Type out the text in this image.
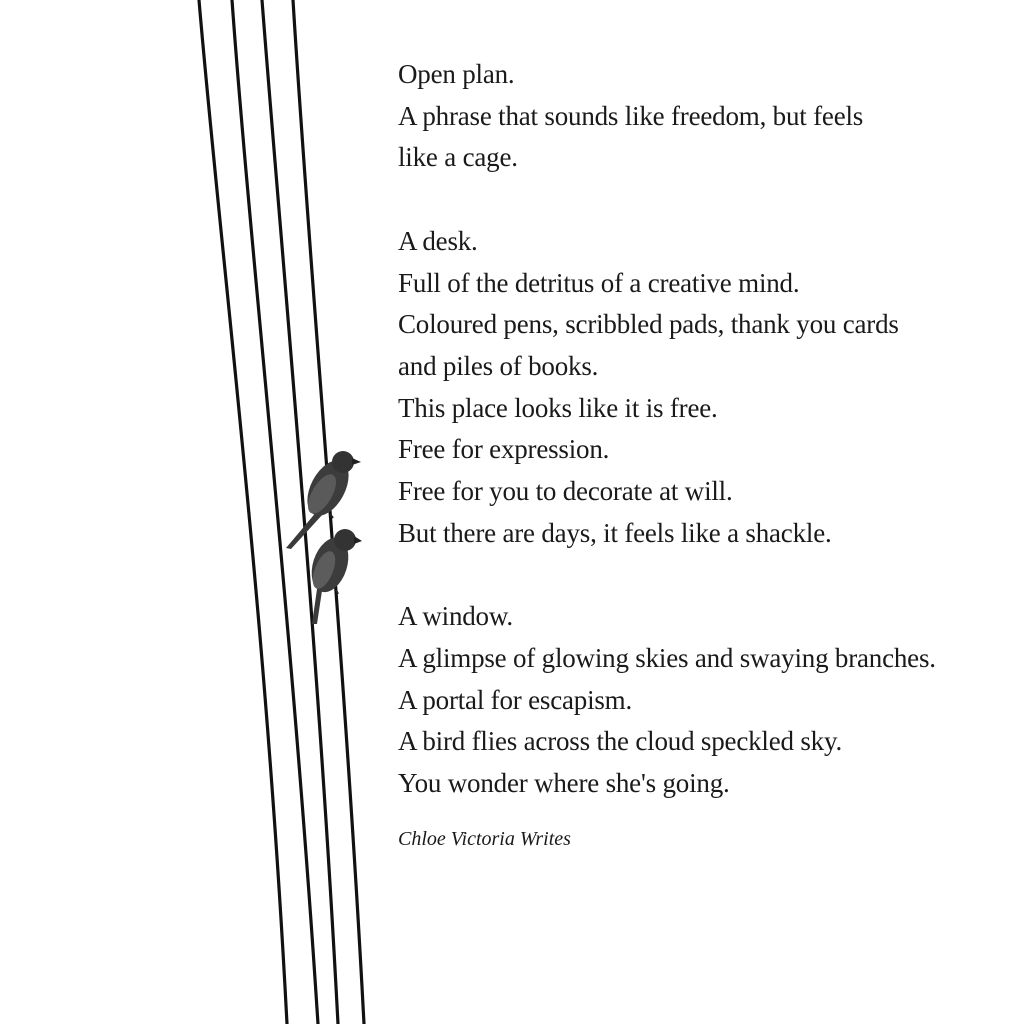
Open plan.
A phrase that sounds like freedom, but feels
like a cage.
A desk.
Full of the detritus of a creative mind.
Coloured pens, scribbled pads, thank you cards
and piles of books.
This place looks like it is free.
Free for expression.
Free for you to decorate at will.
But there are days, it feels like a shackle.
A window.
A glimpse of glowing skies and swaying branches.
A portal for escapism.
A bird flies across the cloud speckled sky.
You wonder where she's going.
Chloe Victoria Writes
